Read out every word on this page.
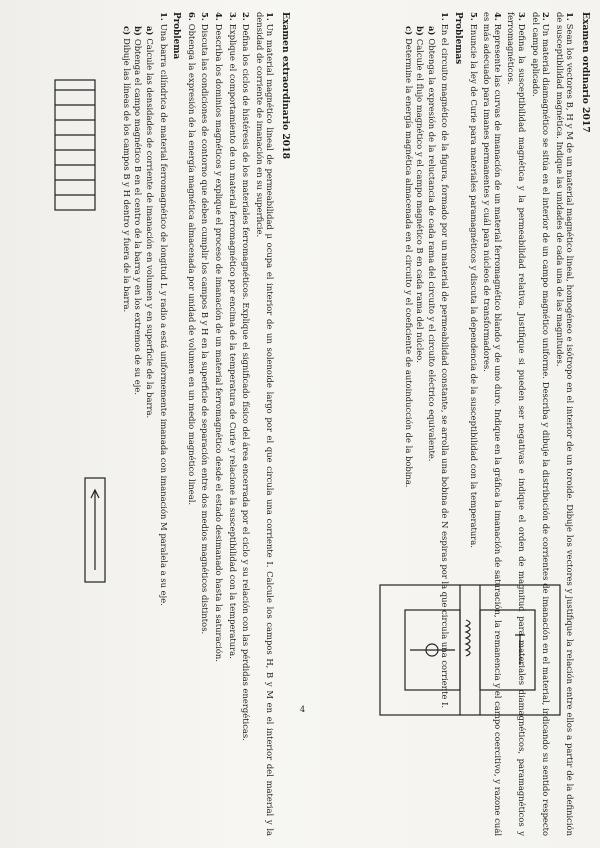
Examen ordinario 2017

1.Sean los vectores B, H y M de un material magnético lineal, homogéneo e isótropo en el interior de un toroide. Dibuje los vectores y justifique la relación entre ellos a partir de la definición de susceptibilidad magnética. Indique las unidades de cada una de las magnitudes.

2.Un material diamagnético se sitúa en el interior de un campo magnético uniforme. Describa y dibuje la distribución de corrientes de imanación en el material, indicando su sentido respecto del campo aplicado.

3.Defina la susceptibilidad magnética y la permeabilidad relativa. Justifique si pueden ser negativas e indique el orden de magnitud para materiales diamagnéticos, paramagnéticos y ferromagnéticos.

4.Represente las curvas de imanación de un material ferromagnético blando y de uno duro. Indique en la gráfica la imanación de saturación, la remanencia y el campo coercitivo, y razone cuál es más adecuado para imanes permanentes y cuál para núcleos de transformadores.

5.Enuncie la ley de Curie para materiales paramagnéticos y discuta la dependencia de la susceptibilidad con la temperatura.

Problemas

1.En el circuito magnético de la figura, formado por un material de permeabilidad constante, se arrolla una bobina de N espiras por la que circula una corriente I.

a)Obtenga la expresión de la reluctancia de cada rama del circuito y el circuito eléctrico equivalente.

b)Calcule el flujo magnético y el campo magnético B en cada rama del núcleo.

c)Determine la energía magnética almacenada en el circuito y el coeficiente de autoinducción de la bobina.

Examen extraordinario 2018

1.Un material magnético lineal de permeabilidad μ ocupa el interior de un solenoide largo por el que circula una corriente I. Calcule los campos H, B y M en el interior del material y la densidad de corriente de imanación en su superficie.

2.Defina los ciclos de histéresis de los materiales ferromagnéticos. Explique el significado físico del área encerrada por el ciclo y su relación con las pérdidas energéticas.

3.Explique el comportamiento de un material ferromagnético por encima de la temperatura de Curie y relacione la susceptibilidad con la temperatura.

4.Describa los dominios magnéticos y explique el proceso de imanación de un material ferromagnético desde el estado desimanado hasta la saturación.

5.Discuta las condiciones de contorno que deben cumplir los campos B y H en la superficie de separación entre dos medios magnéticos distintos.

6.Obtenga la expresión de la energía magnética almacenada por unidad de volumen en un medio magnético lineal.

Problema

1.Una barra cilíndrica de material ferromagnético de longitud L y radio a está uniformemente imanada con imanación M paralela a su eje.

a)Calcule las densidades de corriente de imanación en volumen y en superficie de la barra.

b)Obtenga el campo magnético B en el centro de la barra y en los extremos de su eje.

c)Dibuje las líneas de los campos B y H dentro y fuera de la barra.

4
